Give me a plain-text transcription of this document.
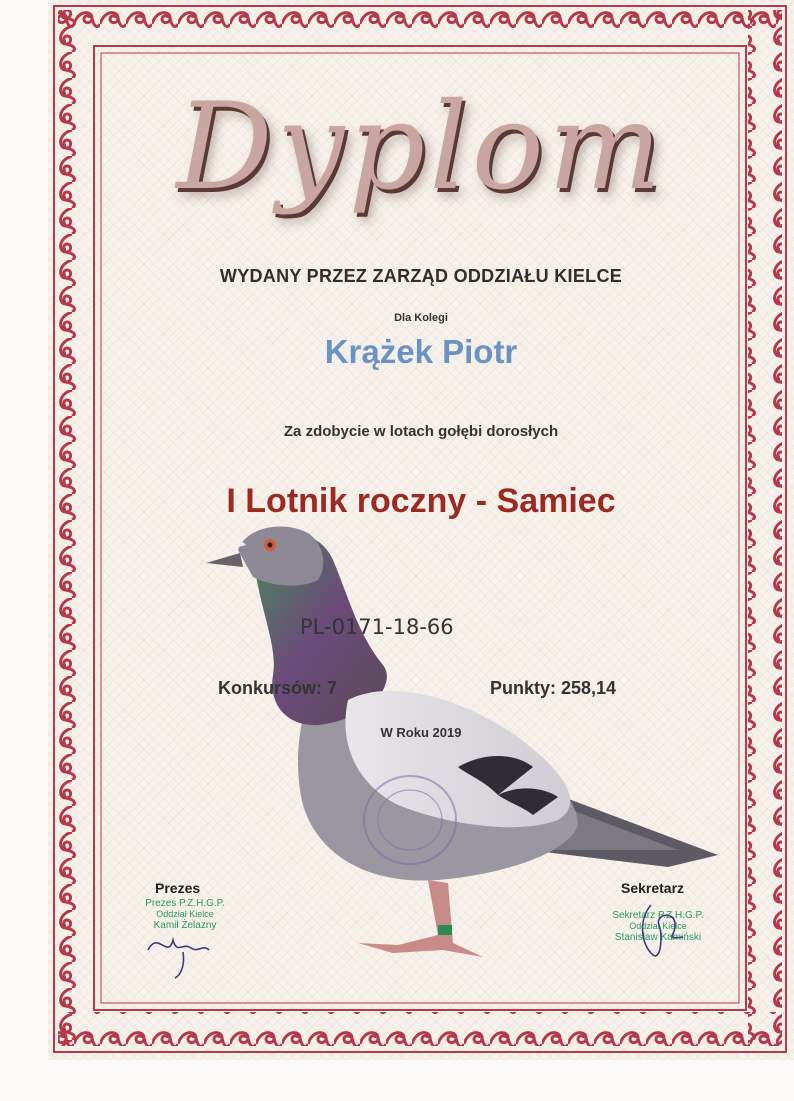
Dyplom
WYDANY PRZEZ ZARZĄD ODDZIAŁU KIELCE
Dla Kolegi
Krążek Piotr
Za zdobycie w lotach gołębi dorosłych
I Lotnik roczny - Samiec
PL-0171-18-66
Konkursów: 7	Punkty: 258,14
W Roku 2019
Prezes
Prezes P.Z.H.G.P.
Oddział Kielce
Kamil Żelazny
Sekretarz
Sekretarz P.Z.H.G.P.
Oddział Kielce
Stanisław Kamiński
